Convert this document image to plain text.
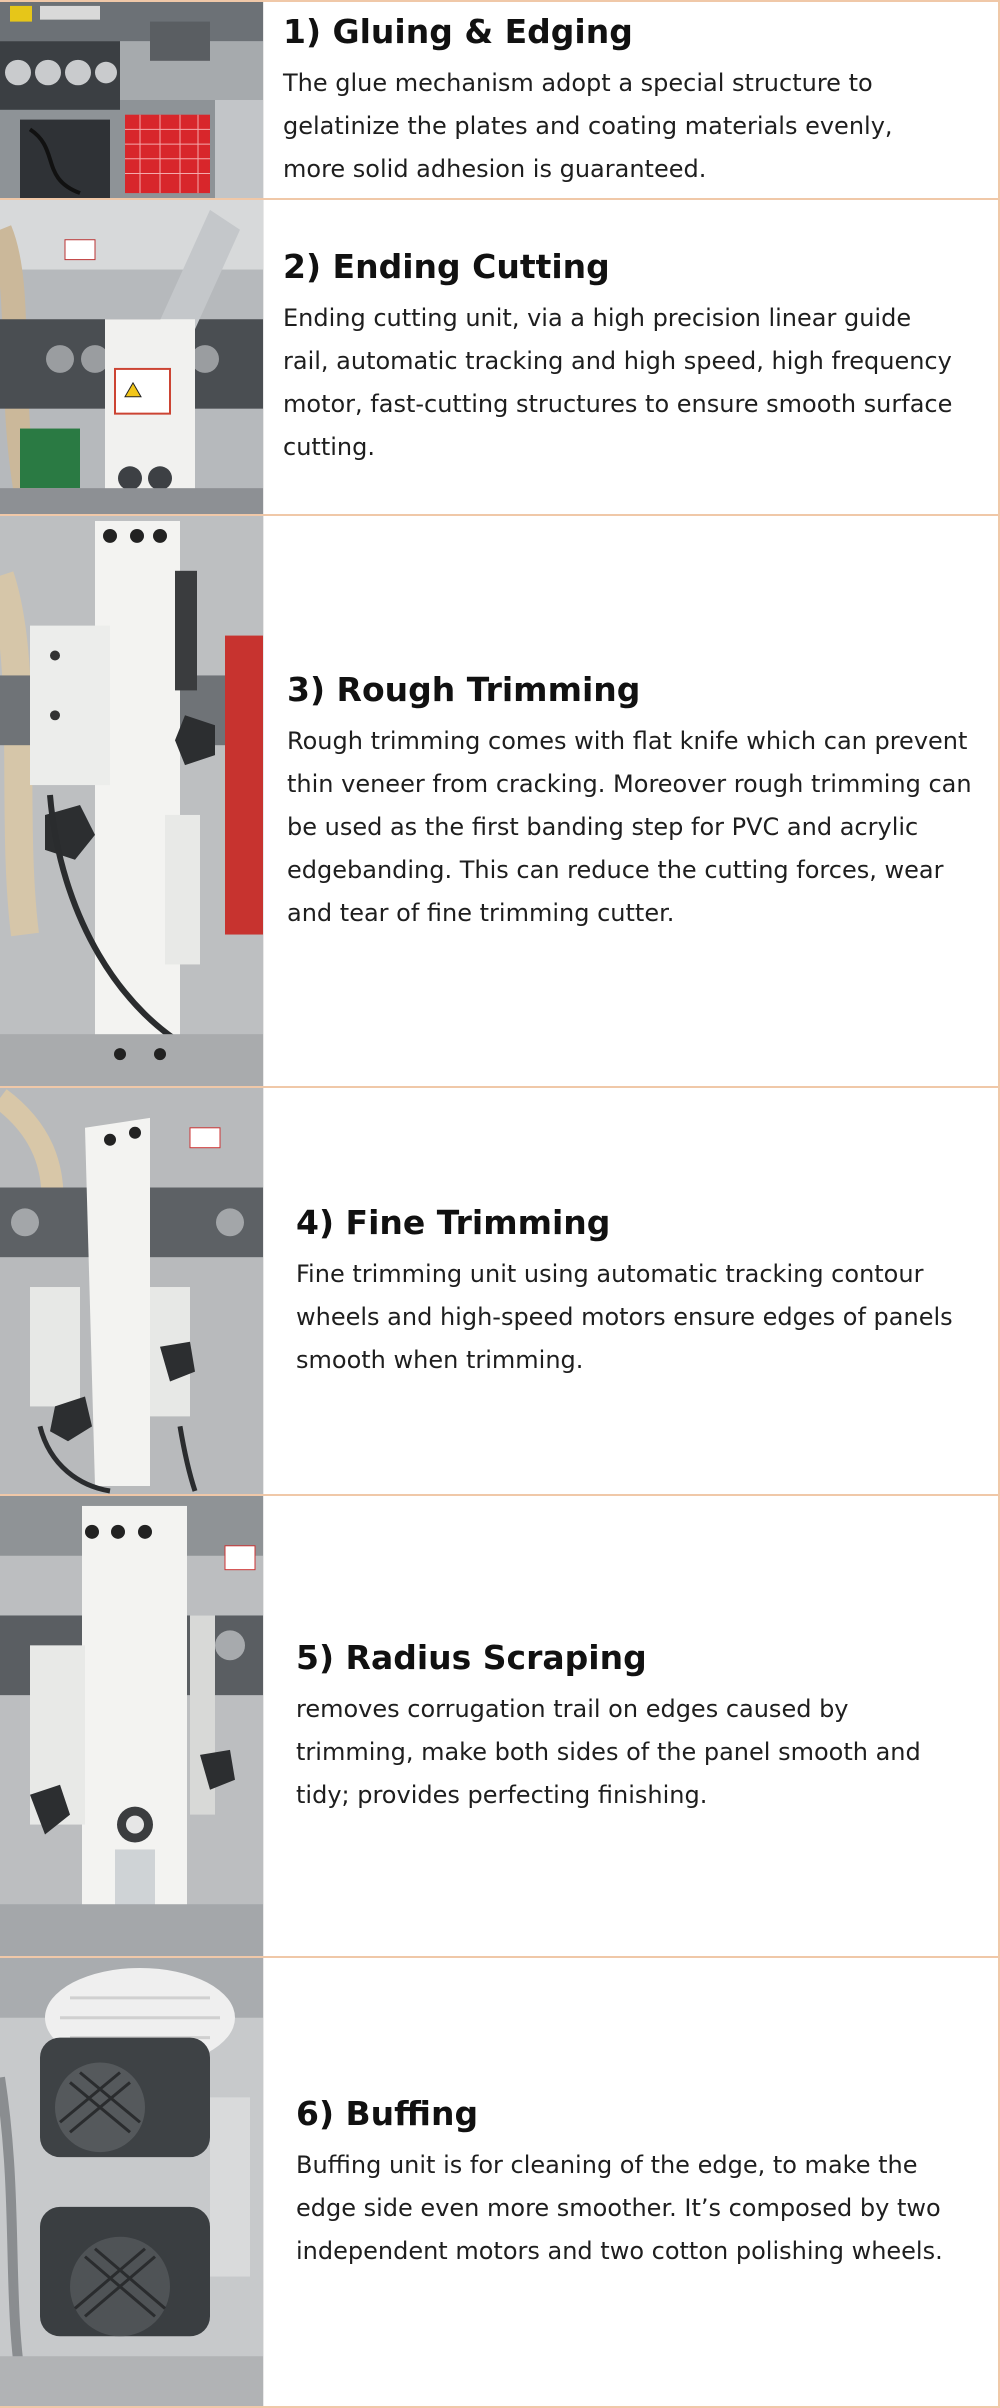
1) Gluing & Edging

The glue mechanism adopt a special structure to gelatinize the plates and coating materials evenly, more solid adhesion is guaranteed.

2) Ending Cutting

Ending cutting unit, via a high precision linear guide rail, automatic tracking and high speed, high frequency motor, fast-cutting structures to ensure smooth surface cutting.

3) Rough Trimming

Rough trimming comes with flat knife which can prevent thin veneer from cracking. Moreover rough trimming can be used as the first banding step for PVC and acrylic edgebanding. This can reduce the cutting forces, wear and tear of fine trimming cutter.

4) Fine Trimming

Fine trimming unit using automatic tracking contour wheels and high-speed motors ensure edges of panels smooth when trimming.

5) Radius Scraping

removes corrugation trail on edges caused by trimming, make both sides of the panel smooth and tidy; provides perfecting finishing.

6) Buffing

Buffing unit is for cleaning of the edge, to make the edge side even more smoother. It’s composed by two independent motors and two cotton polishing wheels.
